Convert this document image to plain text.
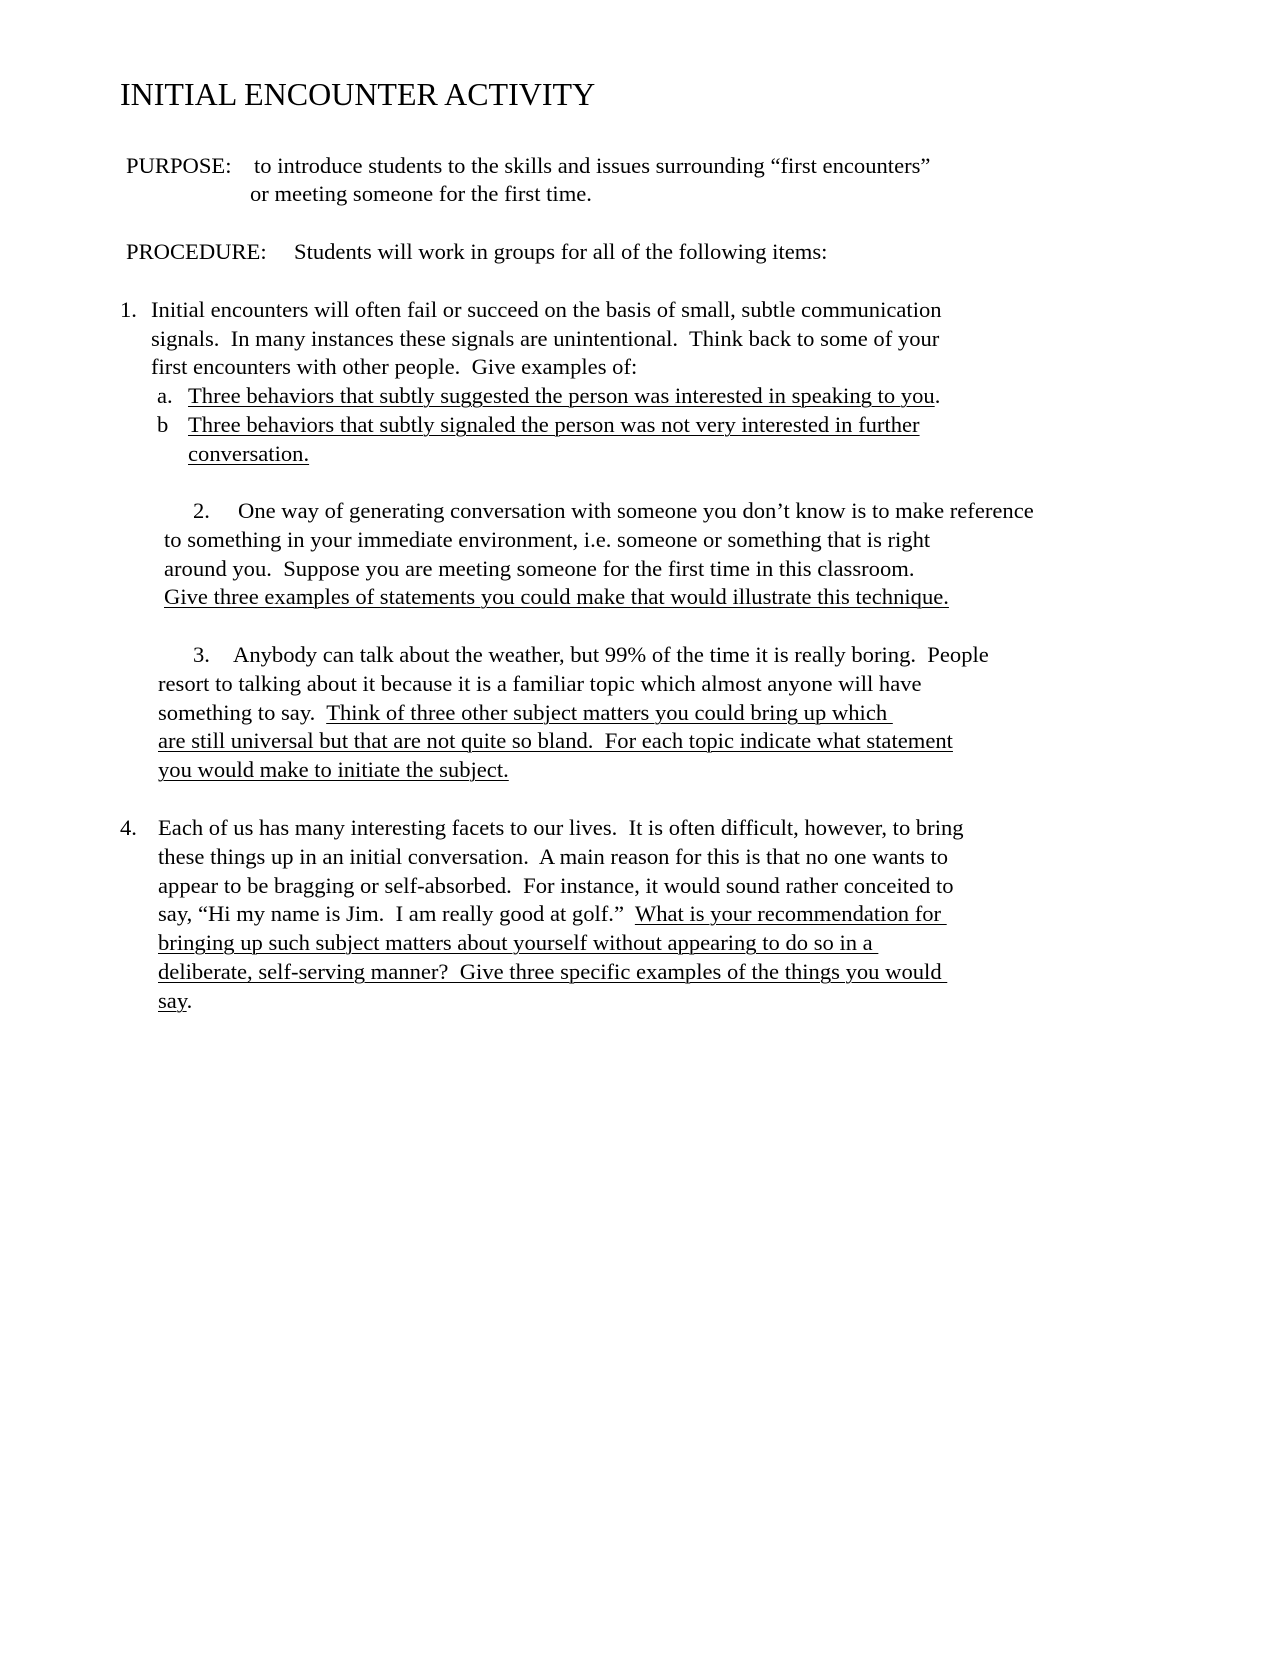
INITIAL ENCOUNTER ACTIVITY
PURPOSE: to introduce students to the skills and issues surrounding “first encounters”
or meeting someone for the first time.
PROCEDURE: Students will work in groups for all of the following items:
1. Initial encounters will often fail or succeed on the basis of small, subtle communication
signals.  In many instances these signals are unintentional.  Think back to some of your
first encounters with other people.  Give examples of:
a. Three behaviors that subtly suggested the person was interested in speaking to you.
b Three behaviors that subtly signaled the person was not very interested in further
conversation.
2. One way of generating conversation with someone you don’t know is to make reference
to something in your immediate environment, i.e. someone or something that is right
around you.  Suppose you are meeting someone for the first time in this classroom.
Give three examples of statements you could make that would illustrate this technique.
3. Anybody can talk about the weather, but 99% of the time it is really boring.  People
resort to talking about it because it is a familiar topic which almost anyone will have
something to say.  Think of three other subject matters you could bring up which
are still universal but that are not quite so bland.  For each topic indicate what statement
you would make to initiate the subject.
4. Each of us has many interesting facets to our lives.  It is often difficult, however, to bring
these things up in an initial conversation.  A main reason for this is that no one wants to
appear to be bragging or self-absorbed.  For instance, it would sound rather conceited to
say, “Hi my name is Jim.  I am really good at golf.”  What is your recommendation for
bringing up such subject matters about yourself without appearing to do so in a
deliberate, self-serving manner?  Give three specific examples of the things you would
say.
